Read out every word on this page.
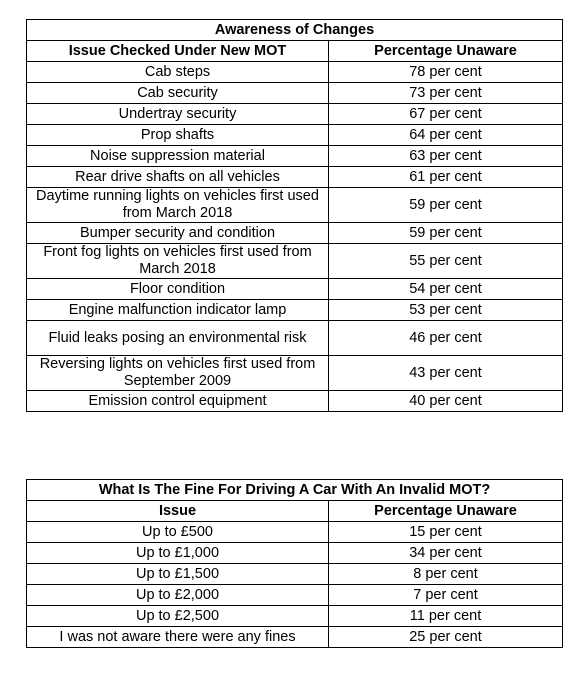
Awareness of Changes	
Issue Checked Under New MOT	Percentage Unaware
Cab steps	78 per cent
Cab security	73 per cent
Undertray security	67 per cent
Prop shafts	64 per cent
Noise suppression material	63 per cent
Rear drive shafts on all vehicles	61 per cent
Daytime running lights on vehicles first used from March 2018	59 per cent
Bumper security and condition	59 per cent
Front fog lights on vehicles first used from March 2018	55 per cent
Floor condition	54 per cent
Engine malfunction indicator lamp	53 per cent
Fluid leaks posing an environmental risk	46 per cent
Reversing lights on vehicles first used from September 2009	43 per cent
Emission control equipment	40 per cent
What Is The Fine For Driving A Car With An Invalid MOT?	
Issue	Percentage Unaware
Up to £500	15 per cent
Up to £1,000	34 per cent
Up to £1,500	8 per cent
Up to £2,000	7 per cent
Up to £2,500	11 per cent
I was not aware there were any fines	25 per cent
